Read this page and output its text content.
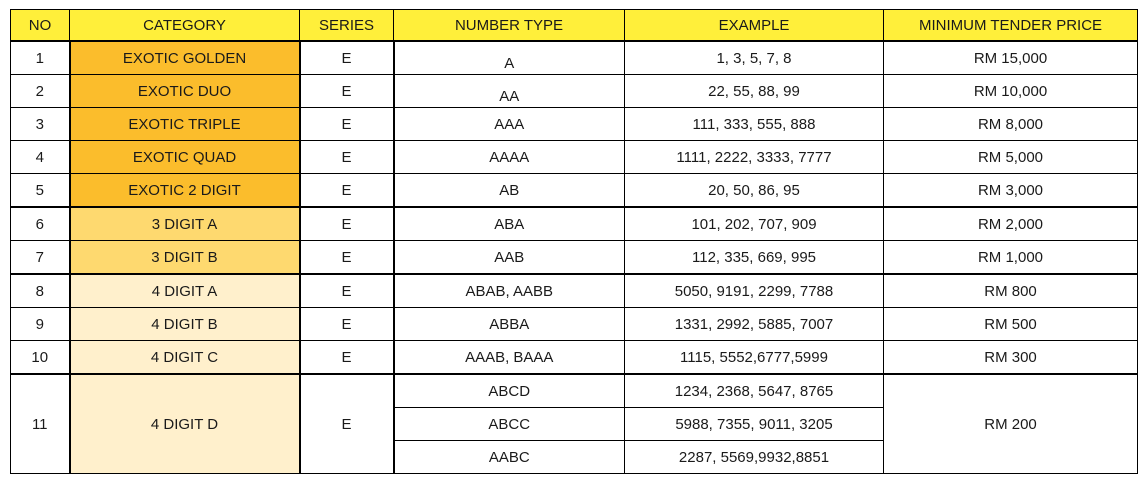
NO	CATEGORY	SERIES	NUMBER TYPE	EXAMPLE	MINIMUM TENDER PRICE
1	EXOTIC GOLDEN	E	A	1, 3, 5, 7, 8	RM 15,000
2	EXOTIC DUO	E	AA	22, 55, 88, 99	RM 10,000
3	EXOTIC TRIPLE	E	AAA	111, 333, 555, 888	RM 8,000
4	EXOTIC QUAD	E	AAAA	1111, 2222, 3333, 7777	RM 5,000
5	EXOTIC 2 DIGIT	E	AB	20, 50, 86, 95	RM 3,000
6	3 DIGIT A	E	ABA	101, 202, 707, 909	RM 2,000
7	3 DIGIT B	E	AAB	112, 335, 669, 995	RM 1,000
8	4 DIGIT A	E	ABAB, AABB	5050, 9191, 2299, 7788	RM 800
9	4 DIGIT B	E	ABBA	1331, 2992, 5885, 7007	RM 500
10	4 DIGIT C	E	AAAB, BAAA	1115, 5552,6777,5999	RM 300
11	4 DIGIT D	E	ABCD	1234, 2368, 5647, 8765	RM 200
			ABCC	5988, 7355, 9011, 3205	
			AABC	2287, 5569,9932,8851	
